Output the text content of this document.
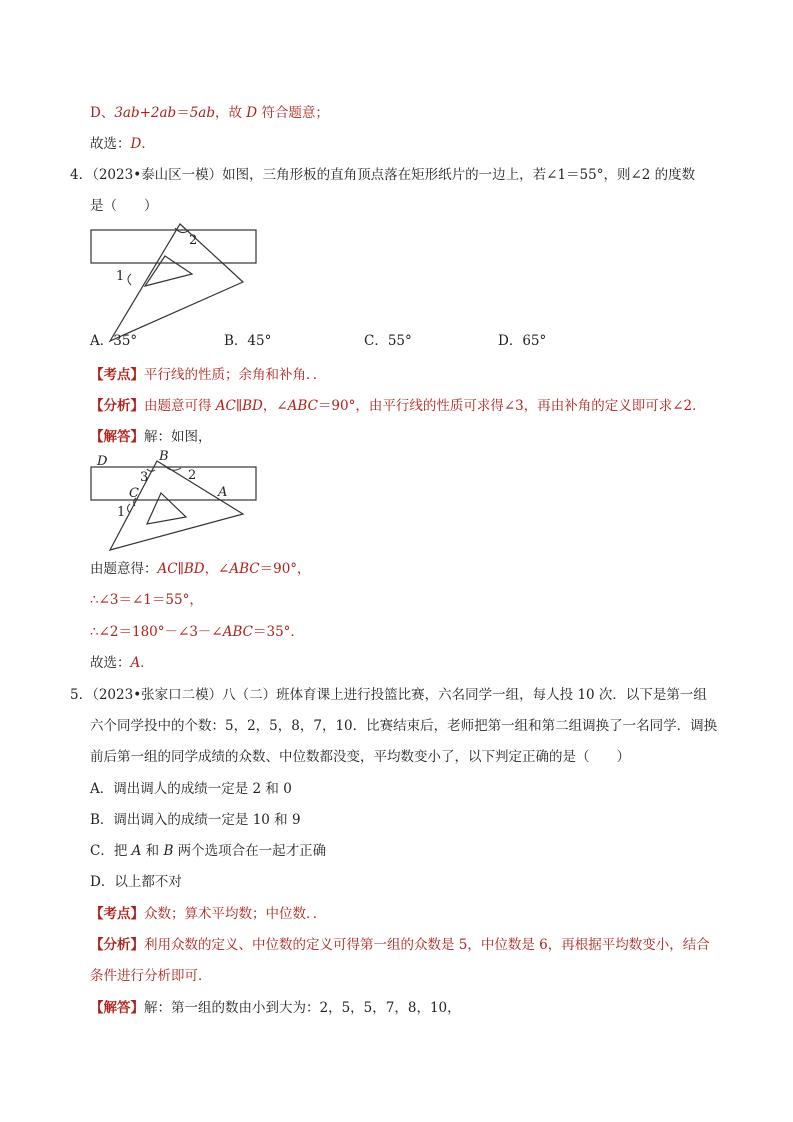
D、3ab+2ab＝5ab，故 D 符合题意；
故选：D．
4．（2023•泰山区一模）如图，三角形板的直角顶点落在矩形纸片的一边上，若∠1＝55°，则∠2 的度数
是（　　）
2
1
A．35°	B．45°	C．55°	D．65°
【考点】平行线的性质；余角和补角．．
【分析】由题意可得 AC∥BD，∠ABC＝90°，由平行线的性质可求得∠3，再由补角的定义即可求∠2．
【解答】解：如图，
D	B
3	2
C	A
1
由题意得：AC∥BD，∠ABC＝90°，
∴∠3＝∠1＝55°，
∴∠2＝180°－∠3－∠ABC＝35°．
故选：A．
5．（2023•张家口二模）八（二）班体育课上进行投篮比赛，六名同学一组，每人投 10 次．以下是第一组
六个同学投中的个数：5，2，5，8，7，10．比赛结束后，老师把第一组和第二组调换了一名同学．调换
前后第一组的同学成绩的众数、中位数都没变，平均数变小了，以下判定正确的是（　　）
A．调出调人的成绩一定是 2 和 0
B．调出调入的成绩一定是 10 和 9
C．把 A 和 B 两个选项合在一起才正确
D．以上都不对
【考点】众数；算术平均数；中位数．．
【分析】利用众数的定义、中位数的定义可得第一组的众数是 5，中位数是 6，再根据平均数变小，结合
条件进行分析即可．
【解答】解：第一组的数由小到大为：2，5，5，7，8，10，
